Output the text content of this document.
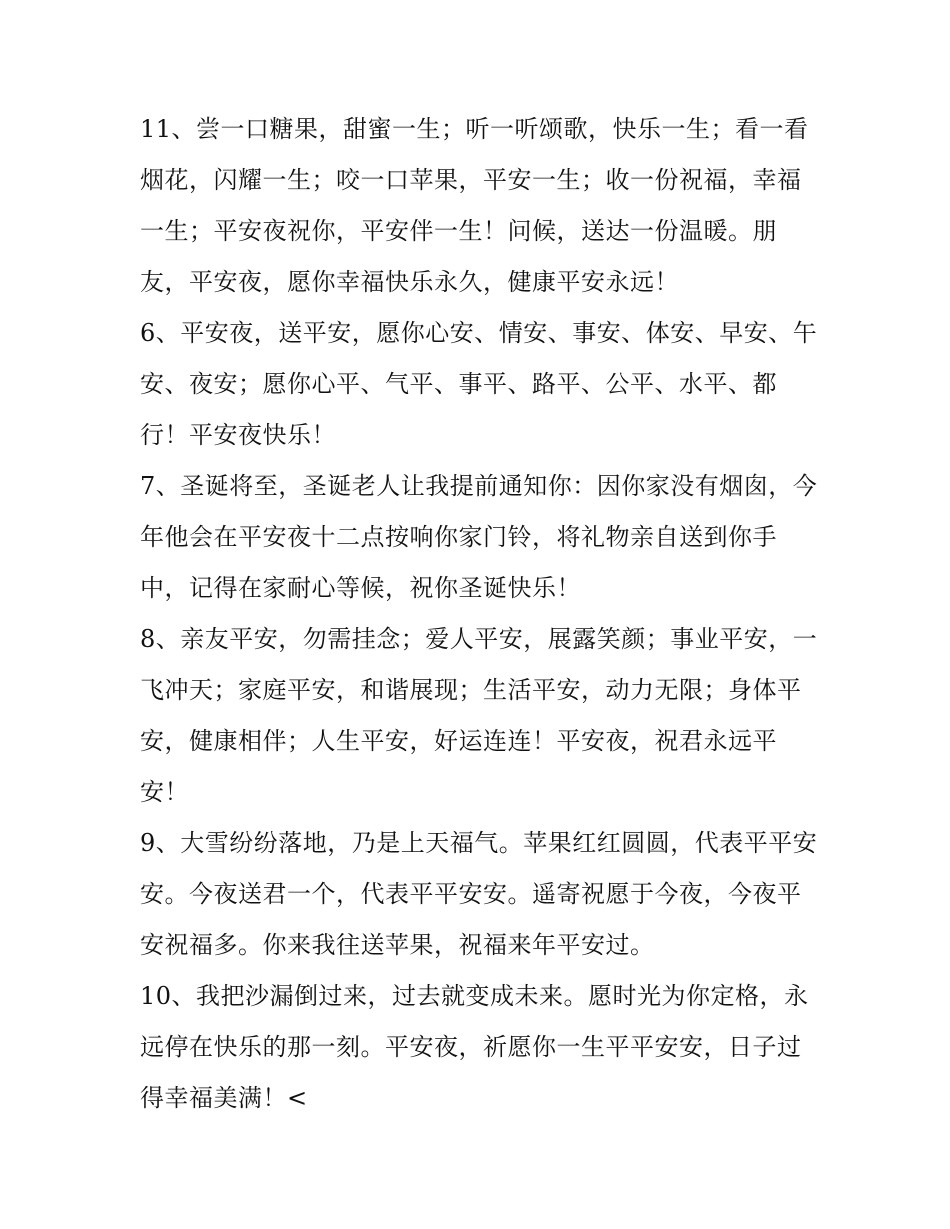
11、尝一口糖果，甜蜜一生；听一听颂歌，快乐一生；看一看烟花，闪耀一生；咬一口苹果，平安一生；收一份祝福，幸福一生；平安夜祝你，平安伴一生！问候，送达一份温暖。朋友，平安夜，愿你幸福快乐永久，健康平安永远！

6、平安夜，送平安，愿你心安、情安、事安、体安、早安、午安、夜安；愿你心平、气平、事平、路平、公平、水平、都行！平安夜快乐！

7、圣诞将至，圣诞老人让我提前通知你：因你家没有烟囱，今年他会在平安夜十二点按响你家门铃，将礼物亲自送到你手中，记得在家耐心等候，祝你圣诞快乐！

8、亲友平安，勿需挂念；爱人平安，展露笑颜；事业平安，一飞冲天；家庭平安，和谐展现；生活平安，动力无限；身体平安，健康相伴；人生平安，好运连连！平安夜，祝君永远平安！

9、大雪纷纷落地，乃是上天福气。苹果红红圆圆，代表平平安安。今夜送君一个，代表平平安安。遥寄祝愿于今夜，今夜平安祝福多。你来我往送苹果，祝福来年平安过。

10、我把沙漏倒过来，过去就变成未来。愿时光为你定格，永远停在快乐的那一刻。平安夜，祈愿你一生平平安安，日子过得幸福美满！<
